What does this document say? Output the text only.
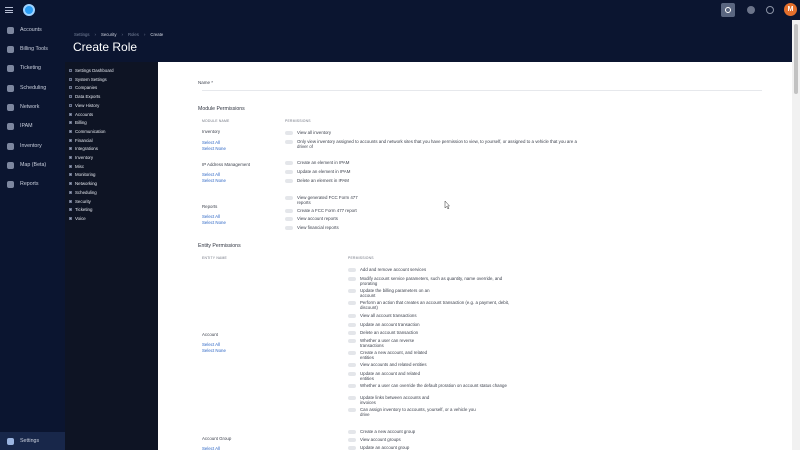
Accounts
Billing Tools
Ticketing
Scheduling
Network
IPAM
Inventory
Map (Beta)
Reports
Settings
M
Settings › Security › Roles › Create
Create Role
Settings Dashboard
System Settings
Companies
Data Exports
View History
Accounts
Billing
Communication
Financial
Integrations
Inventory
Misc
Monitoring
Networking
Scheduling
Security
Ticketing
Voice
Name *
Module Permissions
MODULE NAME	PERMISSIONS
Inventory
Select All
Select None
View all inventory
Only view inventory assigned to accounts and network sites that you have permission to view, to yourself, or assigned to a vehicle that you are a driver of
IP Address Management
Select All
Select None
Create an element in IPAM
Update an element in IPAM
Delete an element in IPAM
Reports
Select All
Select None
View generated FCC Form 477 reports
Create a FCC Form 477 report
View account reports
View financial reports
Entity Permissions
ENTITY NAME	PERMISSIONS
Add and remove account services
Modify account service parameters, such as quantity, name override, and prorating
Update the billing parameters on an account
Perform an action that creates an account transaction (e.g. a payment, debit, discount)
View all account transactions
Update an account transaction
Delete an account transaction
Whether a user can reverse transactions
Create a new account, and related entities
View accounts and related entities
Update an account and related entities
Whether a user can override the default proration on account status change
Update links between accounts and invoices
Can assign inventory to accounts, yourself, or a vehicle you drive
Account
Select All
Select None
Create a new account group
View account groups
Update an account group
Account Group
Select All
